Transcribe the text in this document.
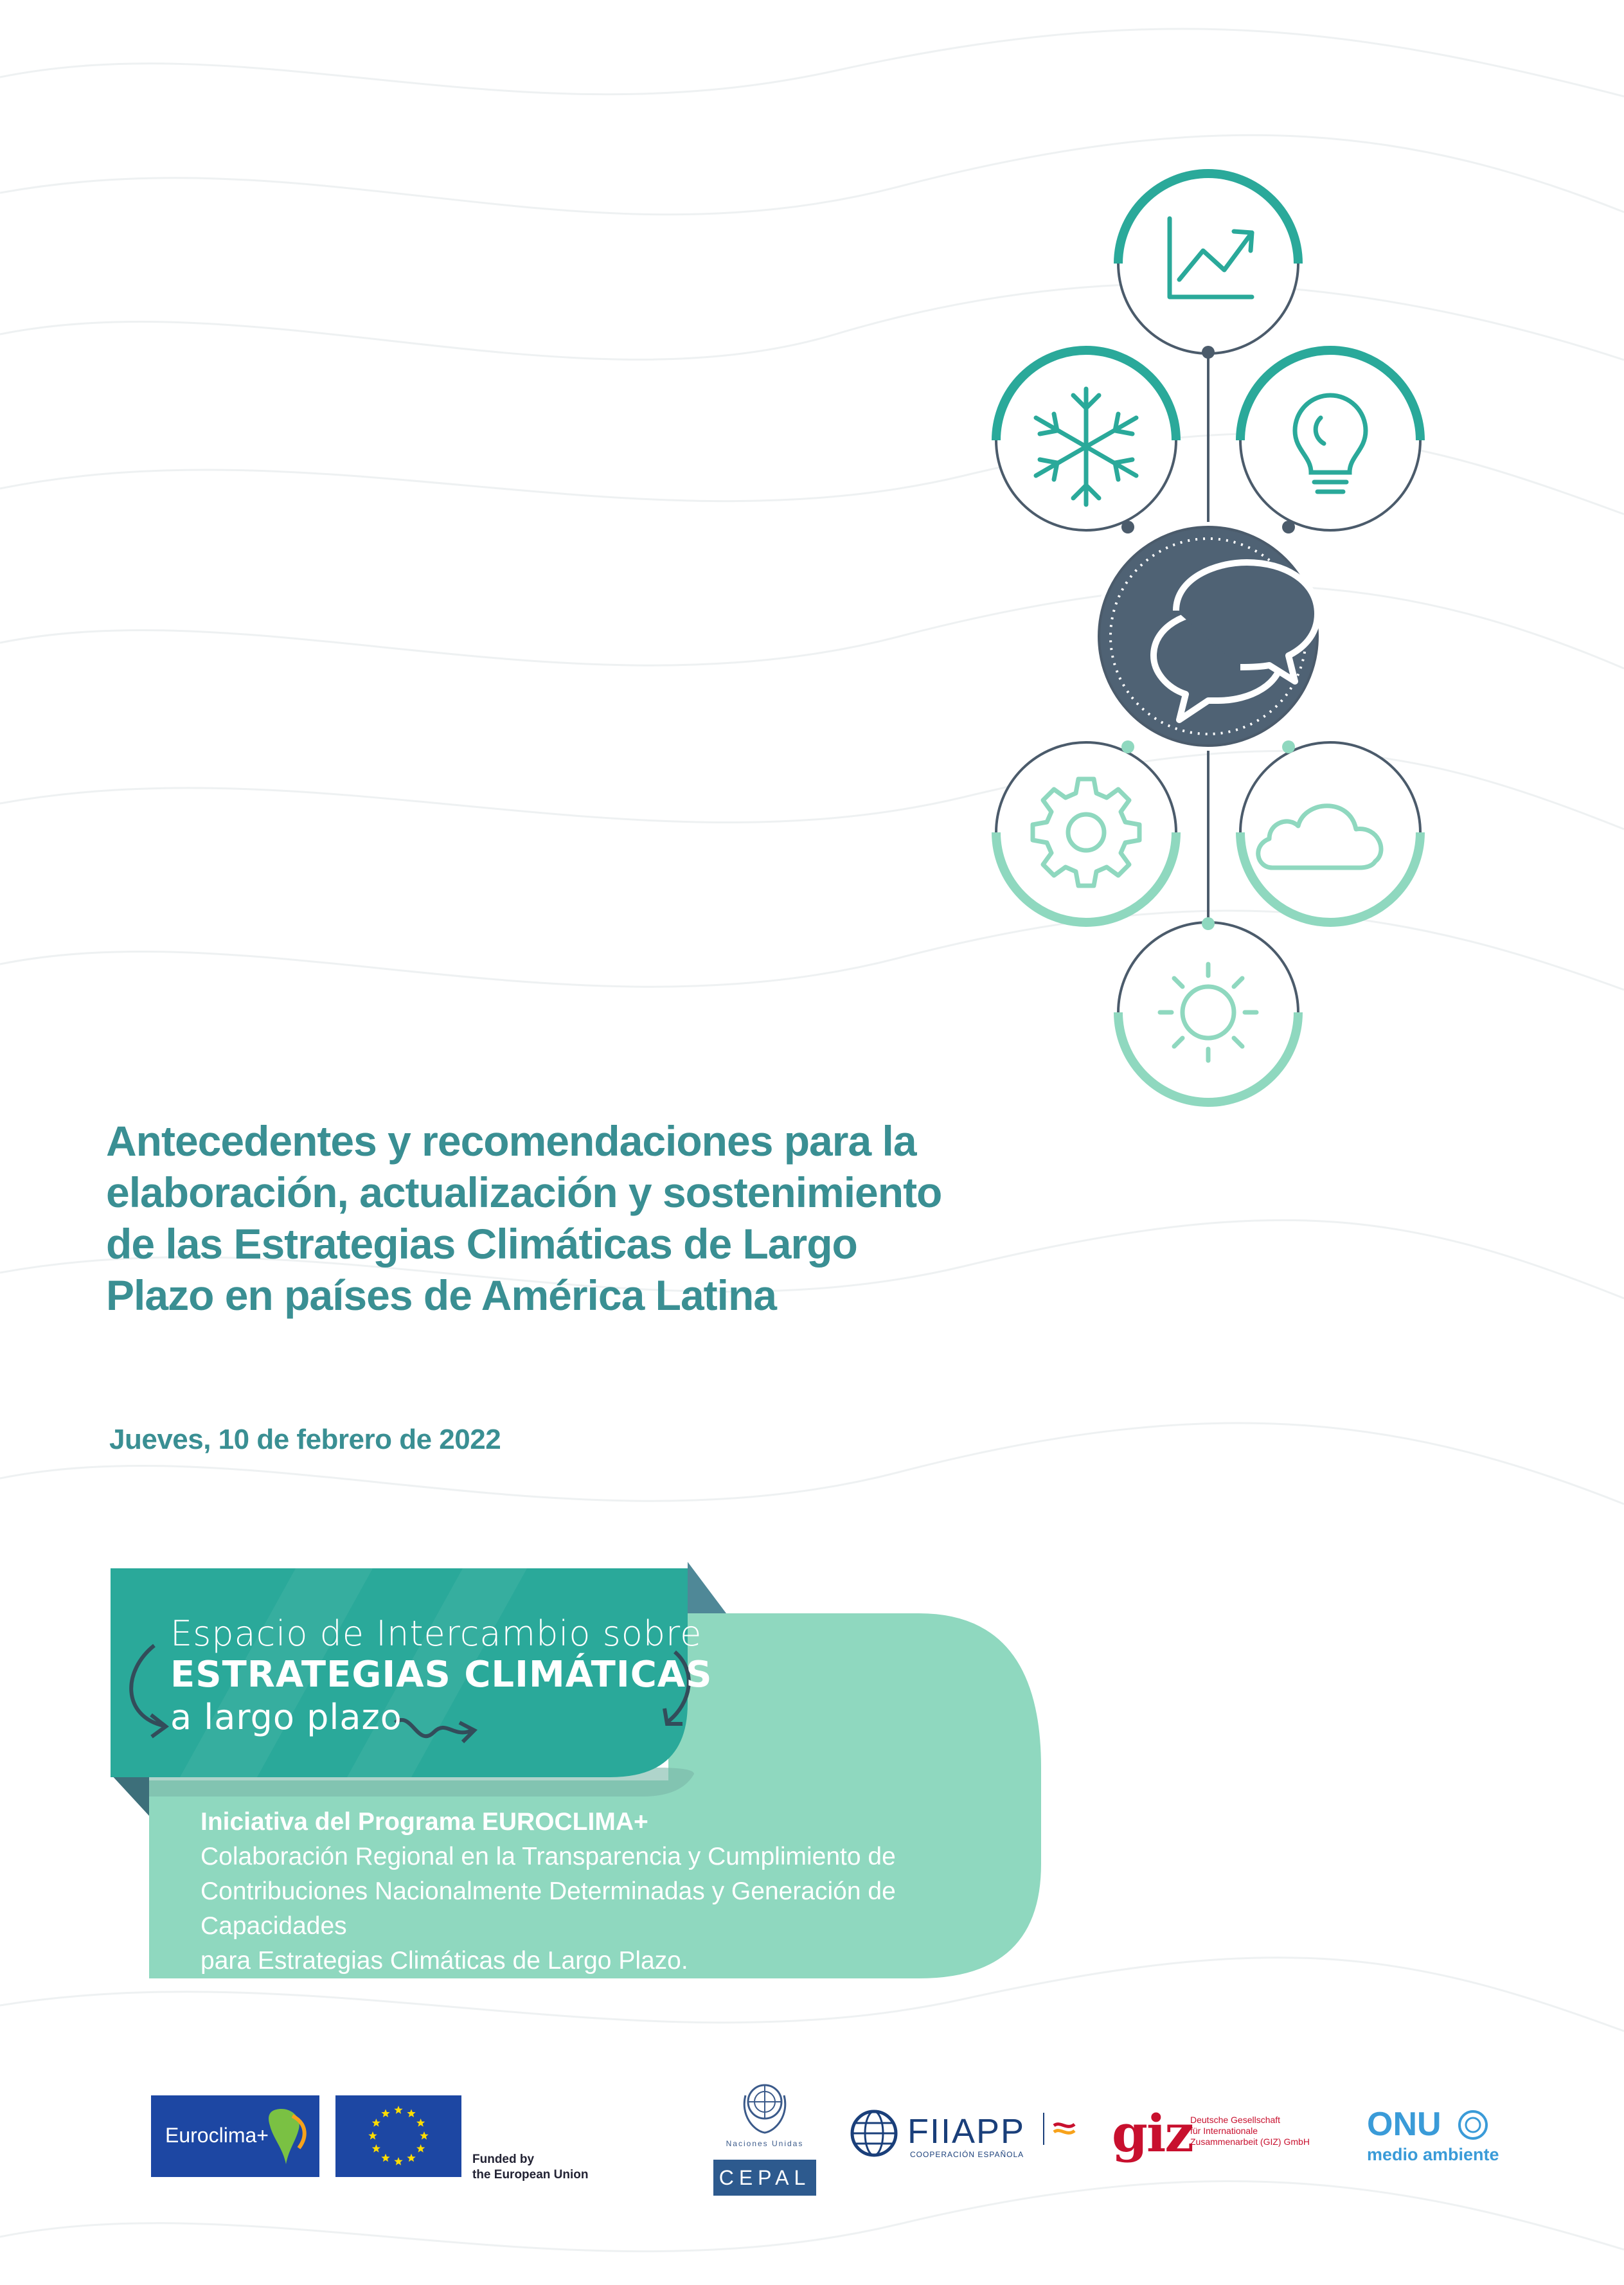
Antecedentes y recomendaciones para la
elaboración, actualización y sostenimiento
de las Estrategias Climáticas de Largo
Plazo en países de América Latina
Jueves, 10 de febrero de 2022
Espacio de Intercambio sobre
ESTRATEGIAS CLIMÁTICAS
a largo plazo
Iniciativa del Programa EUROCLIMA+
Colaboración Regional en la Transparencia y Cumplimiento de
Contribuciones Nacionalmente Determinadas y Generación de Capacidades
para Estrategias Climáticas de Largo Plazo.
Euroclima+
Funded by
the European Union
Naciones Unidas
CEPAL
FIIAPP
COOPERACIÓN ESPAÑOLA giz
Deutsche Gesellschaft
für Internationale
Zusammenarbeit (GIZ) GmbH ONU
medio ambiente
